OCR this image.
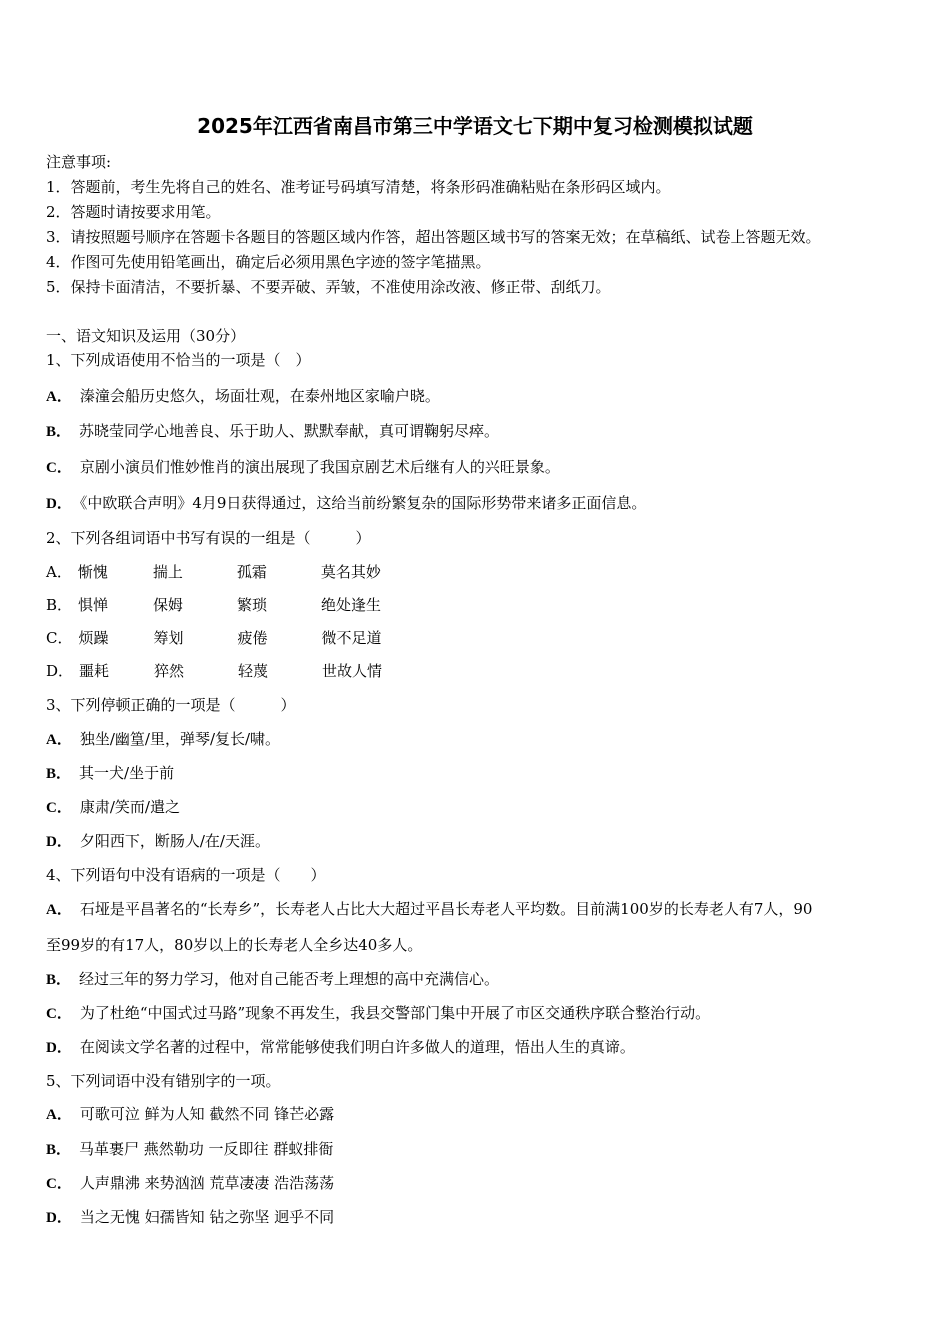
2025年江西省南昌市第三中学语文七下期中复习检测模拟试题
注意事项:
1．答题前，考生先将自己的姓名、准考证号码填写清楚，将条形码准确粘贴在条形码区域内。
2．答题时请按要求用笔。
3．请按照题号顺序在答题卡各题目的答题区域内作答，超出答题区域书写的答案无效；在草稿纸、试卷上答题无效。
4．作图可先使用铅笔画出，确定后必须用黑色字迹的签字笔描黑。
5．保持卡面清洁，不要折暴、不要弄破、弄皱，不准使用涂改液、修正带、刮纸刀。
一、语文知识及运用（30分）
1、下列成语使用不恰当的一项是（　）
A． 溱潼会船历史悠久，场面壮观，在泰州地区家喻户晓。
B． 苏晓莹同学心地善良、乐于助人、默默奉献，真可谓鞠躬尽瘁。
C． 京剧小演员们惟妙惟肖的演出展现了我国京剧艺术后继有人的兴旺景象。
D． 《中欧联合声明》4月9日获得通过，这给当前纷繁复杂的国际形势带来诸多正面信息。
2、下列各组词语中书写有误的一组是（　　　）
A． 惭愧	揣上	孤霜	莫名其妙
B． 惧惮	保姆	繁琐	绝处逢生
C． 烦躁	筹划	疲倦	微不足道
D． 噩耗	猝然	轻蔑	世故人情
3、下列停顿正确的一项是（　　　）
A． 独坐/幽篁/里，弹琴/复长/啸。
B． 其一犬/坐于前
C． 康肃/笑而/遣之
D． 夕阳西下，断肠人/在/天涯。
4、下列语句中没有语病的一项是（　　）
A． 石垭是平昌著名的“长寿乡”，长寿老人占比大大超过平昌长寿老人平均数。目前满100岁的长寿老人有7人，90
至99岁的有17人，80岁以上的长寿老人全乡达40多人。
B． 经过三年的努力学习，他对自己能否考上理想的高中充满信心。
C． 为了杜绝“中国式过马路”现象不再发生，我县交警部门集中开展了市区交通秩序联合整治行动。
D． 在阅读文学名著的过程中，常常能够使我们明白许多做人的道理，悟出人生的真谛。
5、下列词语中没有错别字的一项。
A． 可歌可泣 鲜为人知 截然不同 锋芒必露
B． 马革裹尸 燕然勒功 一反即往 群蚁排衙
C． 人声鼎沸 来势汹汹 荒草凄凄 浩浩荡荡
D． 当之无愧 妇孺皆知 钻之弥坚 迥乎不同
